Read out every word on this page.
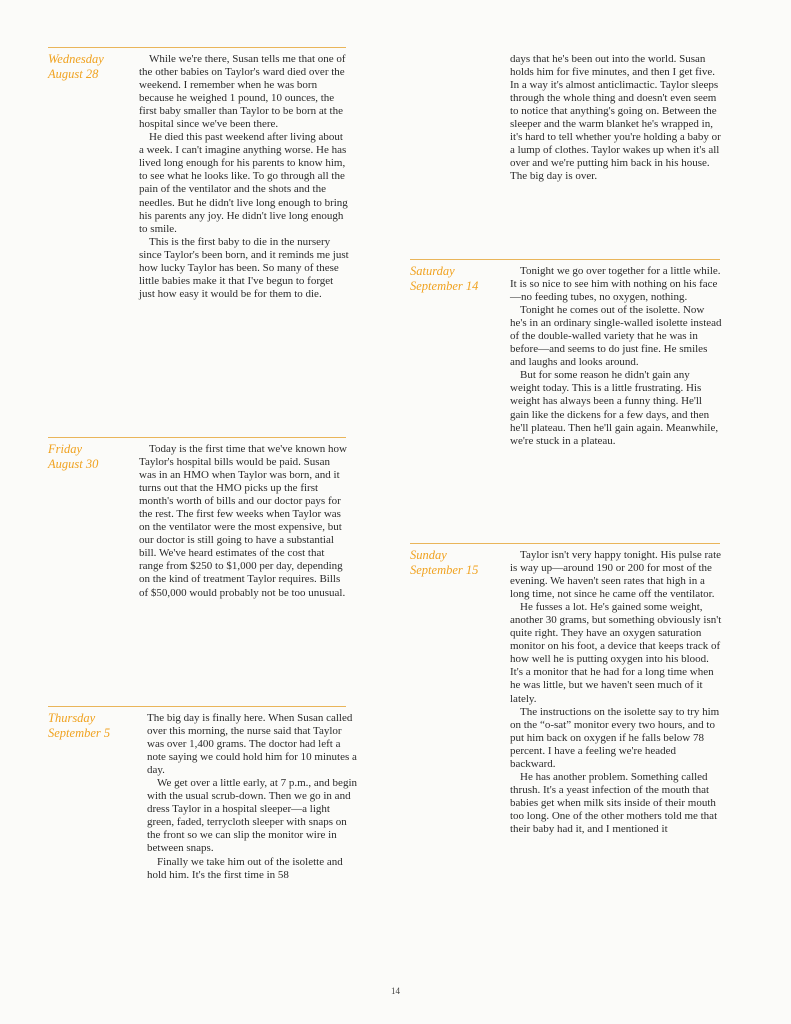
Wednesday
August 28

While we're there, Susan tells me that one of the other babies on Taylor's ward died over the weekend. I remember when he was born because he weighed 1 pound, 10 ounces, the first baby smaller than Taylor to be born at the hospital since we've been there.

He died this past weekend after living about a week. I can't imagine anything worse. He has lived long enough for his parents to know him, to see what he looks like. To go through all the pain of the ventilator and the shots and the needles. But he didn't live long enough to bring his parents any joy. He didn't live long enough to smile.

This is the first baby to die in the nursery since Taylor's been born, and it reminds me just how lucky Taylor has been. So many of these little babies make it that I've begun to forget just how easy it would be for them to die.

Friday
August 30

Today is the first time that we've known how Taylor's hospital bills would be paid. Susan was in an HMO when Taylor was born, and it turns out that the HMO picks up the first month's worth of bills and our doctor pays for the rest. The first few weeks when Taylor was on the ventilator were the most expensive, but our doctor is still going to have a substantial bill. We've heard estimates of the cost that range from $250 to $1,000 per day, depending on the kind of treatment Taylor requires. Bills of $50,000 would probably not be too unusual.

Thursday
September 5

The big day is finally here. When Susan called over this morning, the nurse said that Taylor was over 1,400 grams. The doctor had left a note saying we could hold him for 10 minutes a day.

We get over a little early, at 7 p.m., and begin with the usual scrub-down. Then we go in and dress Taylor in a hospital sleeper—a light green, faded, terrycloth sleeper with snaps on the front so we can slip the monitor wire in between snaps.

Finally we take him out of the isolette and hold him. It's the first time in 58

days that he's been out into the world. Susan holds him for five minutes, and then I get five. In a way it's almost anticlimactic. Taylor sleeps through the whole thing and doesn't even seem to notice that anything's going on. Between the sleeper and the warm blanket he's wrapped in, it's hard to tell whether you're holding a baby or a lump of clothes. Taylor wakes up when it's all over and we're putting him back in his house. The big day is over.

Saturday
September 14

Tonight we go over together for a little while. It is so nice to see him with nothing on his face—no feeding tubes, no oxygen, nothing.

Tonight he comes out of the isolette. Now he's in an ordinary single-walled isolette instead of the double-walled variety that he was in before—and seems to do just fine. He smiles and laughs and looks around.

But for some reason he didn't gain any weight today. This is a little frustrating. His weight has always been a funny thing. He'll gain like the dickens for a few days, and then he'll plateau. Then he'll gain again. Meanwhile, we're stuck in a plateau.

Sunday
September 15

Taylor isn't very happy tonight. His pulse rate is way up—around 190 or 200 for most of the evening. We haven't seen rates that high in a long time, not since he came off the ventilator.

He fusses a lot. He's gained some weight, another 30 grams, but something obviously isn't quite right. They have an oxygen saturation monitor on his foot, a device that keeps track of how well he is putting oxygen into his blood. It's a monitor that he had for a long time when he was little, but we haven't seen much of it lately.

The instructions on the isolette say to try him on the “o-sat” monitor every two hours, and to put him back on oxygen if he falls below 78 percent. I have a feeling we're headed backward.

He has another problem. Something called thrush. It's a yeast infection of the mouth that babies get when milk sits inside of their mouth too long. One of the other mothers told me that their baby had it, and I mentioned it

14
